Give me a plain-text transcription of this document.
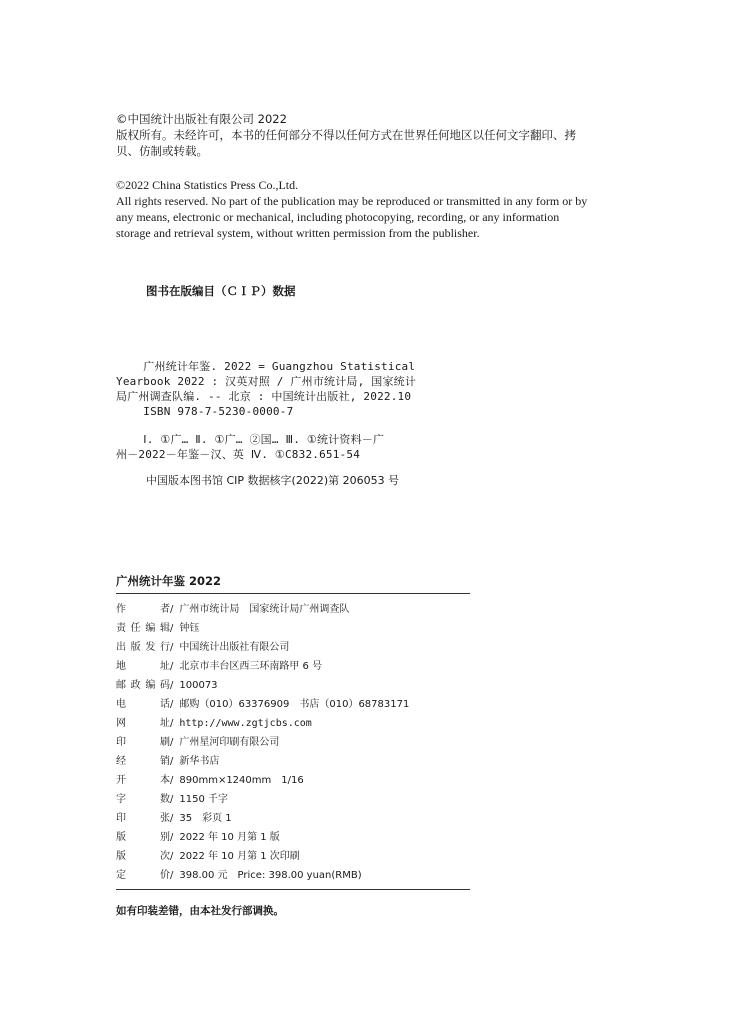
©中国统计出版社有限公司 2022
版权所有。未经许可，本书的任何部分不得以任何方式在世界任何地区以任何文字翻印、拷
贝、仿制或转载。
©2022 China Statistics Press Co.,Ltd.
All rights reserved. No part of the publication may be reproduced or transmitted in any form or by
any means, electronic or mechanical, including photocopying, recording, or any information
storage and retrieval system, without written permission from the publisher.
图书在版编目（ＣＩＰ）数据
广州统计年鉴. 2022 = Guangzhou Statistical
Yearbook 2022 : 汉英对照 / 广州市统计局, 国家统计
局广州调查队编. -- 北京 : 中国统计出版社, 2022.10
ISBN 978-7-5230-0000-7
Ⅰ. ①广… Ⅱ. ①广… ②国… Ⅲ. ①统计资料－广
州－2022－年鉴－汉、英 Ⅳ. ①C832.651-54
中国版本图书馆 CIP 数据核字(2022)第 206053 号
广州统计年鉴 2022
作　　者/ 广州市统计局　国家统计局广州调查队
责任编辑/ 钟钰
出版发行/ 中国统计出版社有限公司
地　　址/ 北京市丰台区西三环南路甲 6 号
邮政编码/ 100073
电　　话/ 邮购（010）63376909　书店（010）68783171
网　　址/ http://www.zgtjcbs.com
印　　刷/ 广州星河印刷有限公司
经　　销/ 新华书店
开　　本/ 890mm×1240mm　1/16
字　　数/ 1150 千字
印　　张/ 35　彩页 1
版　　别/ 2022 年 10 月第 1 版
版　　次/ 2022 年 10 月第 1 次印刷
定　　价/ 398.00 元　Price: 398.00 yuan(RMB)
如有印装差错，由本社发行部调换。
